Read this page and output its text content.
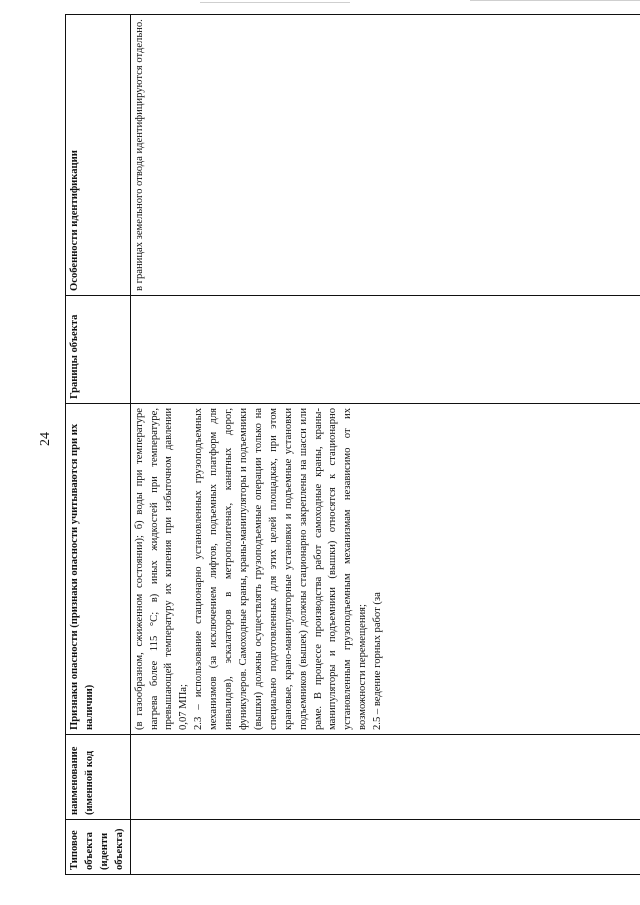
24
Типовое объекта (иденти объекта)	наименование (именной код	Признаки опасности (признаки опасности учитываются при их наличии)	Границы объекта	Особенности идентификации

		(в газообразном, сжиженном состоянии); б) воды при температуре нагрева более 115 °С; в) иных жидкостей при температуре, превышающей температуру их кипения при избыточном давлении 0,07 МПа; 2.3 – использование стационарно установленных грузоподъемных механизмов (за исключением лифтов, подъемных платформ для инвалидов), эскалаторов в метрополитенах, канатных дорог, фуникулеров. Самоходные краны, краны-манипуляторы и подъемники (вышки) должны осуществлять грузоподъемные операции только на специально подготовленных для этих целей площадках, при этом крановые, крано-манипуляторные установки и подъемные установки подъемников (вышек) должны стационарно закреплены на шасси или раме. В процессе производства работ самоходные краны, краны-манипуляторы и подъемники (вышки) относятся к стационарно установленным грузоподъемным механизмам независимо от их возможности перемещения; 2.5 – ведение горных работ (за		в границах земельного отвода идентифицируются отдельно.
